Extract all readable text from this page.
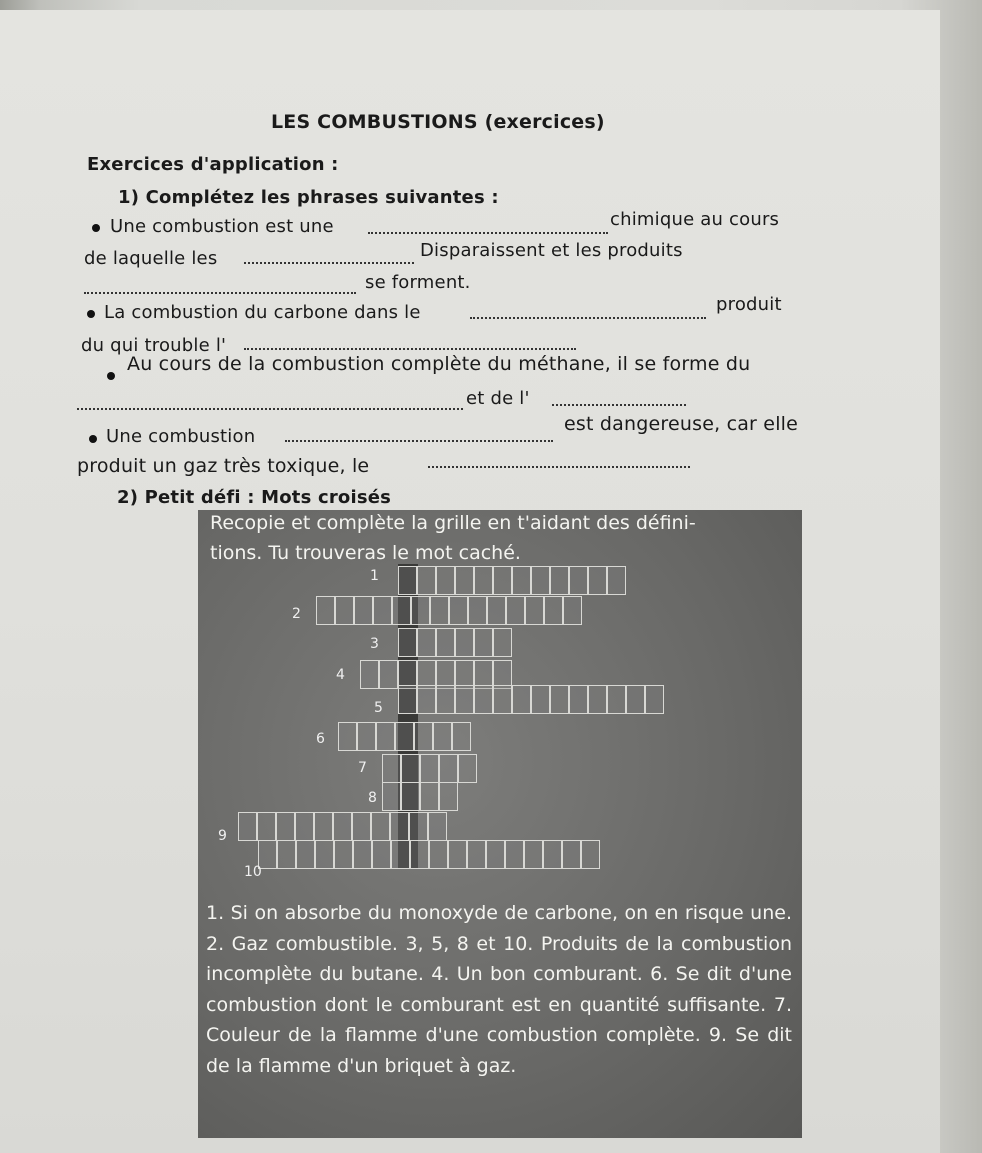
LES COMBUSTIONS (exercices)
Exercices d'application :
1) Complétez les phrases suivantes :
Une combustion est une	chimique au cours
de laquelle les	Disparaissent et les produits
se forment.
La combustion du carbone dans le	produit
du qui trouble l'
Au cours de la combustion complète du méthane, il se forme du
et de l'
Une combustion
est dangereuse, car elle
produit un gaz très toxique, le
2) Petit défi : Mots croisés
Recopie et complète la grille en t'aidant des défini-
tions. Tu trouveras le mot caché.
1. Si on absorbe du monoxyde de carbone, on en risque une. 2. Gaz combustible. 3, 5, 8 et 10. Produits de la combustion incomplète du butane. 4. Un bon comburant. 6. Se dit d'une combustion dont le comburant est en quantité suffisante. 7. Couleur de la flamme d'une combustion complète. 9. Se dit de la flamme d'un briquet à gaz.
1
2
3
4
5
6
7
8
9
10
